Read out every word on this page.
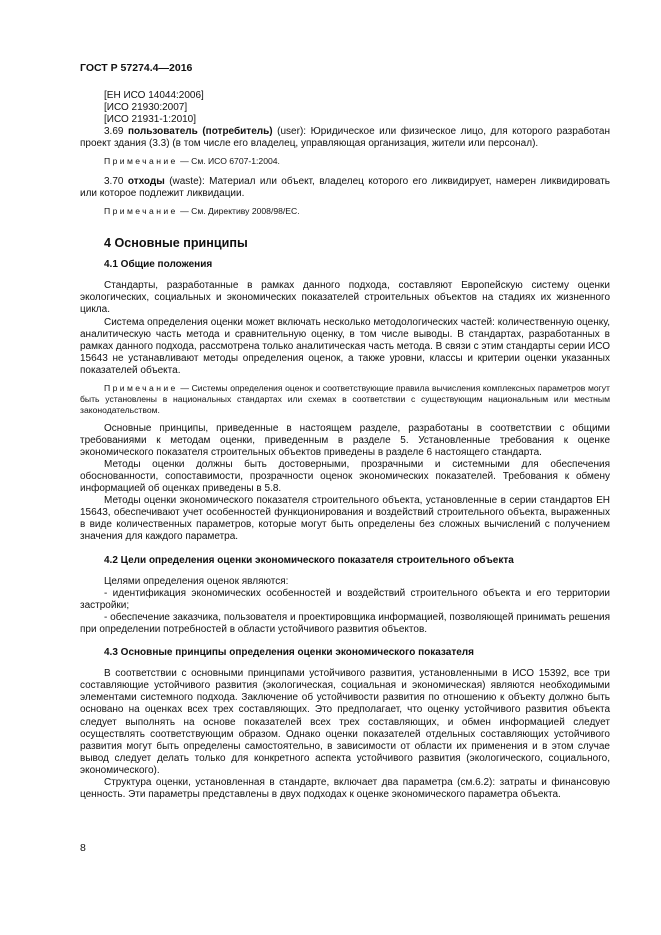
ГОСТ Р 57274.4—2016

[ЕН ИСО 14044:2006]

[ИСО 21930:2007]

[ИСО 21931-1:2010]

3.69 пользователь (потребитель) (user): Юридическое или физическое лицо, для которого разработан проект здания (3.3) (в том числе его владелец, управляющая организация, жители или персонал).

Примечание — См. ИСО 6707-1:2004.

3.70 отходы (waste): Материал или объект, владелец которого его ликвидирует, намерен ликвидировать или которое подлежит ликвидации.

Примечание — См. Директиву 2008/98/ЕС.

4 Основные принципы
4.1 Общие положения

Стандарты, разработанные в рамках данного подхода, составляют Европейскую систему оценки экологических, социальных и экономических показателей строительных объектов на стадиях их жизненного цикла.

Система определения оценки может включать несколько методологических частей: количественную оценку, аналитическую часть метода и сравнительную оценку, в том числе выводы. В стандартах, разработанных в рамках данного подхода, рассмотрена только аналитическая часть метода. В связи с этим стандарты серии ИСО 15643 не устанавливают методы определения оценок, а также уровни, классы и критерии оценки указанных показателей объекта.

Примечание — Системы определения оценок и соответствующие правила вычисления комплексных параметров могут быть установлены в национальных стандартах или схемах в соответствии с существующим национальным или местным законодательством.

Основные принципы, приведенные в настоящем разделе, разработаны в соответствии с общими требованиями к методам оценки, приведенным в разделе 5. Установленные требования к оценке экономического показателя строительных объектов приведены в разделе 6 настоящего стандарта.

Методы оценки должны быть достоверными, прозрачными и системными для обеспечения обоснованности, сопоставимости, прозрачности оценок экономических показателей. Требования к обмену информацией об оценках приведены в 5.8.

Методы оценки экономического показателя строительного объекта, установленные в серии стандартов ЕН 15643, обеспечивают учет особенностей функционирования и воздействий строительного объекта, выраженных в виде количественных параметров, которые могут быть определены без сложных вычислений с получением значения для каждого параметра.

4.2 Цели определения оценки экономического показателя строительного объекта

Целями определения оценок являются:

- идентификация экономических особенностей и воздействий строительного объекта и его территории застройки;

- обеспечение заказчика, пользователя и проектировщика информацией, позволяющей принимать решения при определении потребностей в области устойчивого развития объектов.

4.3 Основные принципы определения оценки экономического показателя

В соответствии с основными принципами устойчивого развития, установленными в ИСО 15392, все три составляющие устойчивого развития (экологическая, социальная и экономическая) являются необходимыми элементами системного подхода. Заключение об устойчивости развития по отношению к объекту должно быть основано на оценках всех трех составляющих. Это предполагает, что оценку устойчивого развития объекта следует выполнять на основе показателей всех трех составляющих, и обмен информацией следует осуществлять соответствующим образом. Однако оценки показателей отдельных составляющих устойчивого развития могут быть определены самостоятельно, в зависимости от области их применения и в этом случае вывод следует делать только для конкретного аспекта устойчивого развития (экологического, социального, экономического).

Структура оценки, установленная в стандарте, включает два параметра (см.6.2): затраты и финансовую ценность. Эти параметры представлены в двух подходах к оценке экономического параметра объекта.

8
